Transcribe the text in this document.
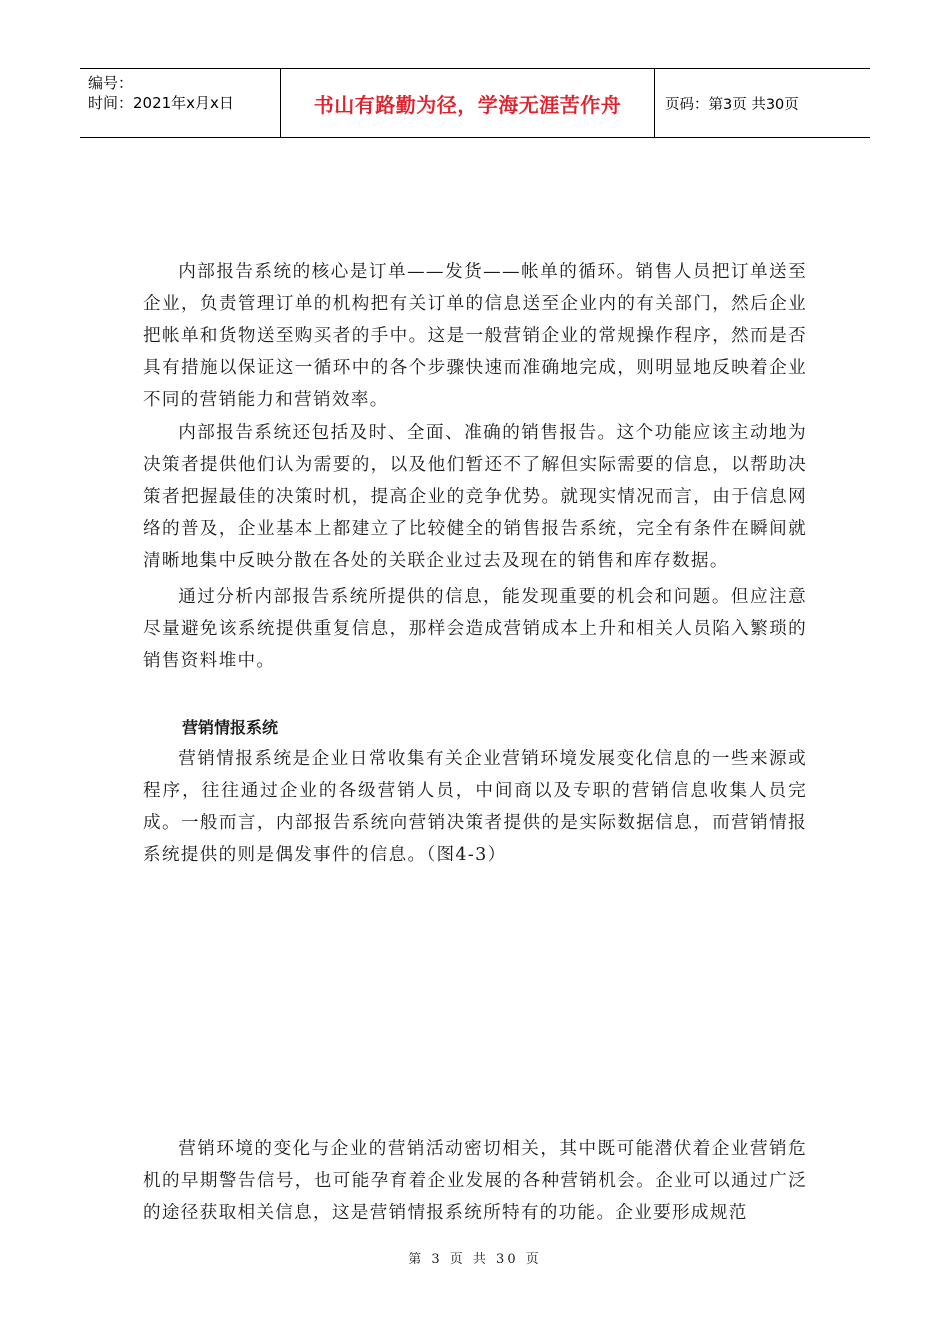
编号：
时间：2021年x月x日	书山有路勤为径，学海无涯苦作舟	页码：第3页 共30页

内部报告系统的核心是订单——发货——帐单的循环。销售人员把订单送至企业，负责管理订单的机构把有关订单的信息送至企业内的有关部门，然后企业把帐单和货物送至购买者的手中。这是一般营销企业的常规操作程序，然而是否具有措施以保证这一循环中的各个步骤快速而准确地完成，则明显地反映着企业不同的营销能力和营销效率。

内部报告系统还包括及时、全面、准确的销售报告。这个功能应该主动地为决策者提供他们认为需要的，以及他们暂还不了解但实际需要的信息，以帮助决策者把握最佳的决策时机，提高企业的竞争优势。就现实情况而言，由于信息网络的普及，企业基本上都建立了比较健全的销售报告系统，完全有条件在瞬间就清晰地集中反映分散在各处的关联企业过去及现在的销售和库存数据。

通过分析内部报告系统所提供的信息，能发现重要的机会和问题。但应注意尽量避免该系统提供重复信息，那样会造成营销成本上升和相关人员陷入繁琐的销售资料堆中。

营销情报系统

营销情报系统是企业日常收集有关企业营销环境发展变化信息的一些来源或程序，往往通过企业的各级营销人员，中间商以及专职的营销信息收集人员完成。一般而言，内部报告系统向营销决策者提供的是实际数据信息，而营销情报系统提供的则是偶发事件的信息。（图4-3）

营销环境的变化与企业的营销活动密切相关，其中既可能潜伏着企业营销危机的早期警告信号，也可能孕育着企业发展的各种营销机会。企业可以通过广泛的途径获取相关信息，这是营销情报系统所特有的功能。企业要形成规范

第 3 页 共 30 页
